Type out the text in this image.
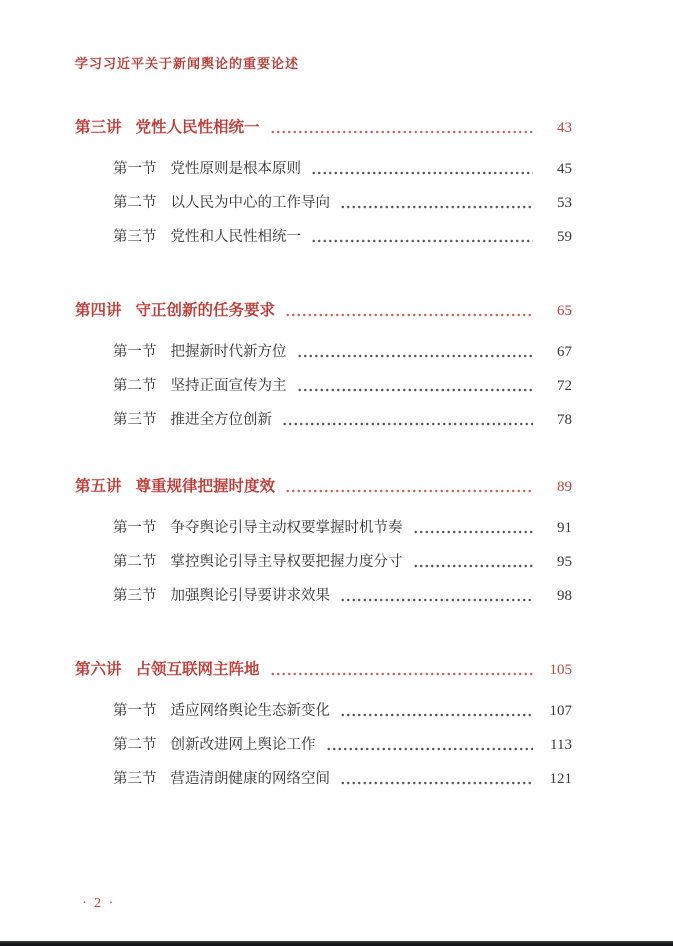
学习习近平关于新闻舆论的重要论述
第三讲 党性人民性相统一	43
第一节 党性原则是根本原则	45
第二节 以人民为中心的工作导向	53
第三节 党性和人民性相统一	59
第四讲 守正创新的任务要求	65
第一节 把握新时代新方位	67
第二节 坚持正面宣传为主	72
第三节 推进全方位创新	78
第五讲 尊重规律把握时度效	89
第一节 争夺舆论引导主动权要掌握时机节奏	91
第二节 掌控舆论引导主导权要把握力度分寸	95
第三节 加强舆论引导要讲求效果	98
第六讲 占领互联网主阵地	105
第一节 适应网络舆论生态新变化	107
第二节 创新改进网上舆论工作	113
第三节 营造清朗健康的网络空间	121
· 2 ·
